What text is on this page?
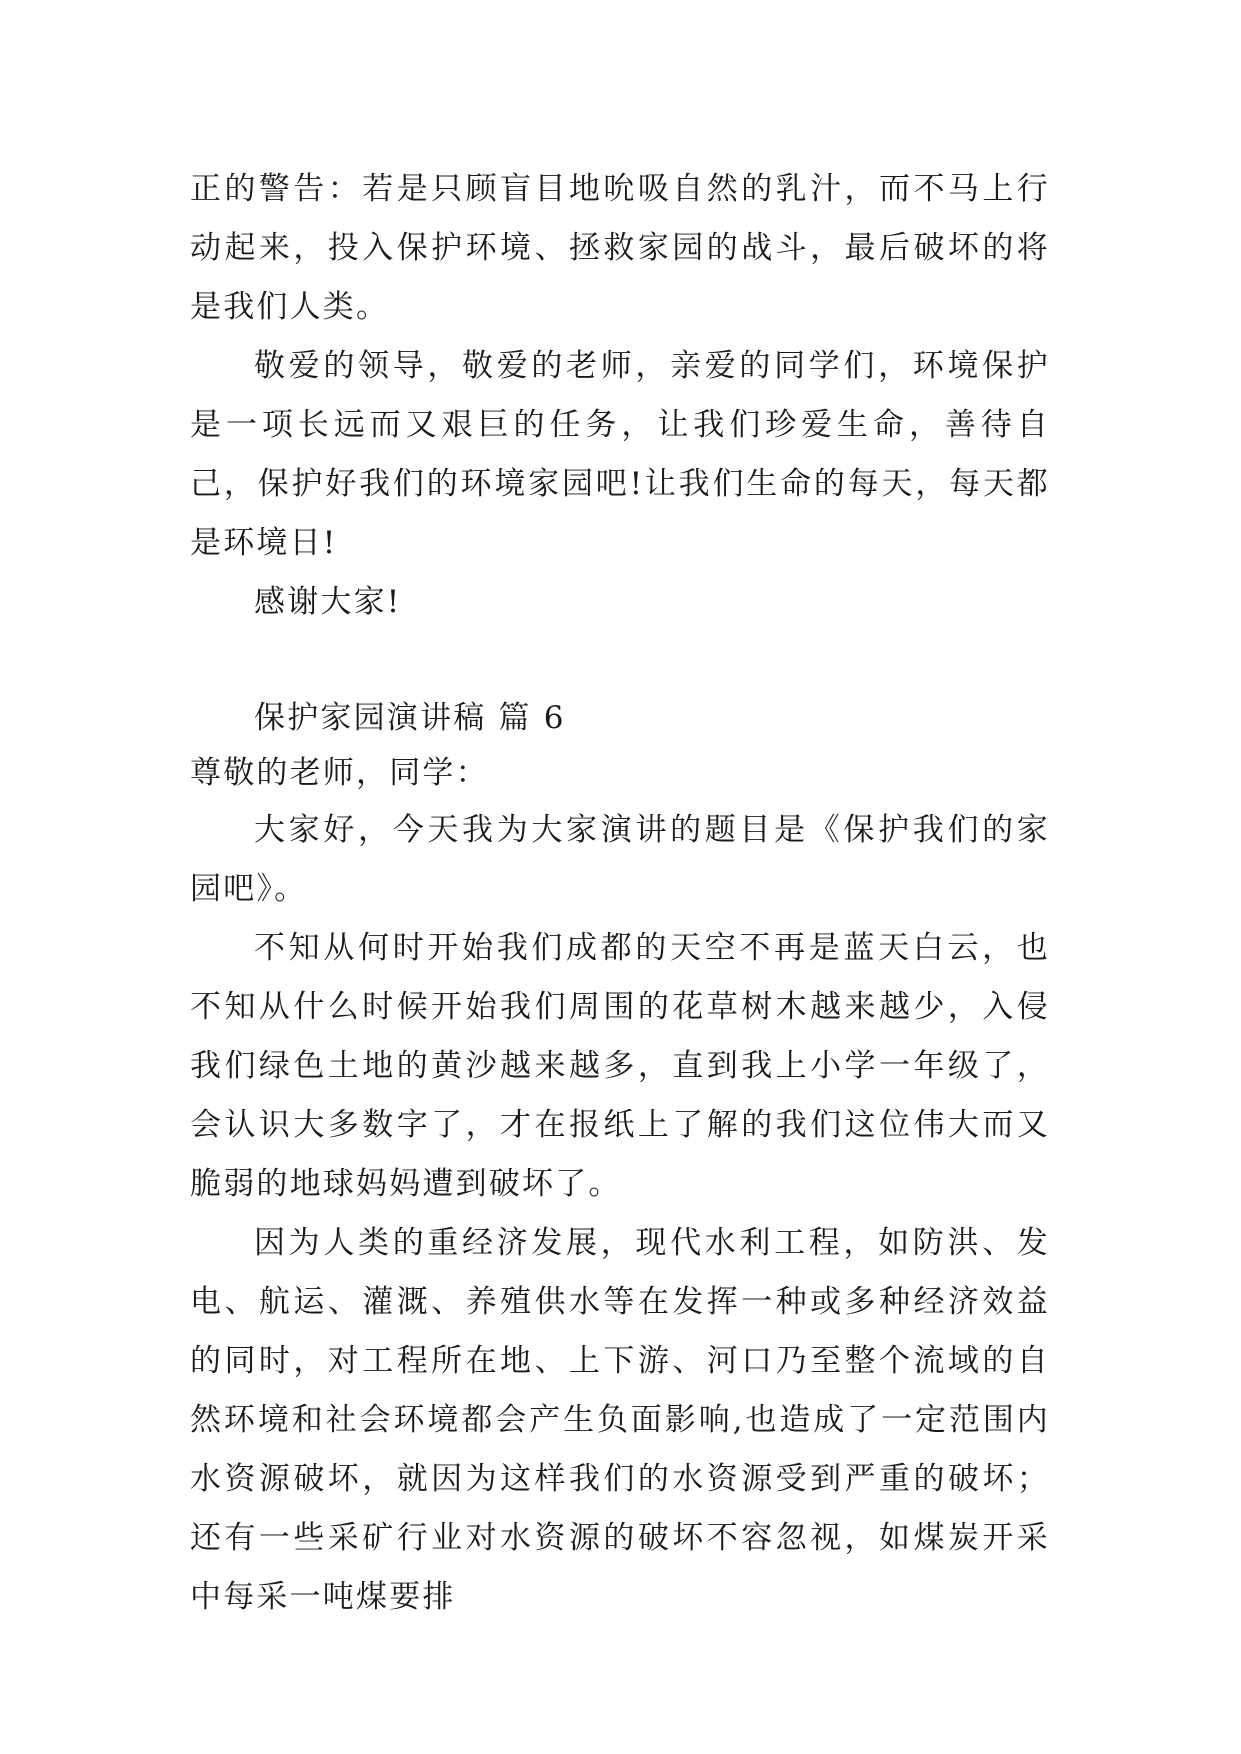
正的警告：若是只顾盲目地吮吸自然的乳汁，而不马上行动起来，投入保护环境、拯救家园的战斗，最后破坏的将是我们人类。

敬爱的领导，敬爱的老师，亲爱的同学们，环境保护是一项长远而又艰巨的任务，让我们珍爱生命，善待自己，保护好我们的环境家园吧!让我们生命的每天，每天都是环境日!

感谢大家!

保护家园演讲稿 篇 6

尊敬的老师，同学：

大家好，今天我为大家演讲的题目是《保护我们的家园吧》。

不知从何时开始我们成都的天空不再是蓝天白云，也不知从什么时候开始我们周围的花草树木越来越少，入侵我们绿色土地的黄沙越来越多，直到我上小学一年级了，会认识大多数字了，才在报纸上了解的我们这位伟大而又脆弱的地球妈妈遭到破坏了。

因为人类的重经济发展，现代水利工程，如防洪、发电、航运、灌溉、养殖供水等在发挥一种或多种经济效益的同时，对工程所在地、上下游、河口乃至整个流域的自然环境和社会环境都会产生负面影响,也造成了一定范围内水资源破坏，就因为这样我们的水资源受到严重的破坏；还有一些采矿行业对水资源的破坏不容忽视，如煤炭开采中每采一吨煤要排
